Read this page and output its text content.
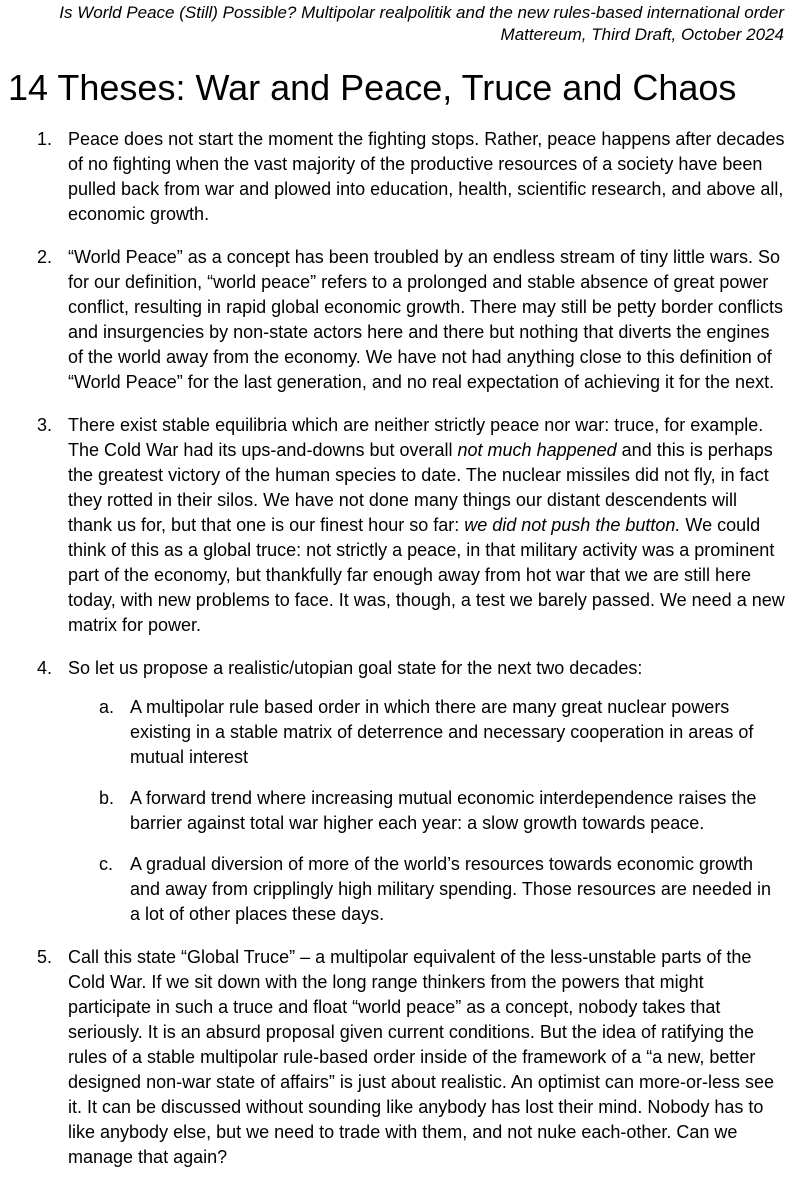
Is World Peace (Still) Possible? Multipolar realpolitik and the new rules-based international order
Mattereum, Third Draft, October 2024
14 Theses: War and Peace, Truce and Chaos
1. Peace does not start the moment the fighting stops. Rather, peace happens after decades of no fighting when the vast majority of the productive resources of a society have been pulled back from war and plowed into education, health, scientific research, and above all, economic growth.
2. “World Peace” as a concept has been troubled by an endless stream of tiny little wars. So for our definition, “world peace” refers to a prolonged and stable absence of great power conflict, resulting in rapid global economic growth. There may still be petty border conflicts and insurgencies by non-state actors here and there but nothing that diverts the engines of the world away from the economy. We have not had anything close to this definition of “World Peace” for the last generation, and no real expectation of achieving it for the next.
3. There exist stable equilibria which are neither strictly peace nor war: truce, for example. The Cold War had its ups-and-downs but overall not much happened and this is perhaps the greatest victory of the human species to date. The nuclear missiles did not fly, in fact they rotted in their silos. We have not done many things our distant descendents will thank us for, but that one is our finest hour so far: we did not push the button. We could think of this as a global truce: not strictly a peace, in that military activity was a prominent part of the economy, but thankfully far enough away from hot war that we are still here today, with new problems to face. It was, though, a test we barely passed. We need a new matrix for power.
4. So let us propose a realistic/utopian goal state for the next two decades:
a. A multipolar rule based order in which there are many great nuclear powers existing in a stable matrix of deterrence and necessary cooperation in areas of mutual interest
b. A forward trend where increasing mutual economic interdependence raises the barrier against total war higher each year: a slow growth towards peace.
c. A gradual diversion of more of the world’s resources towards economic growth and away from cripplingly high military spending. Those resources are needed in a lot of other places these days.
5. Call this state “Global Truce” – a multipolar equivalent of the less-unstable parts of the Cold War. If we sit down with the long range thinkers from the powers that might participate in such a truce and float “world peace” as a concept, nobody takes that seriously. It is an absurd proposal given current conditions. But the idea of ratifying the rules of a stable multipolar rule-based order inside of the framework of a “a new, better designed non-war state of affairs” is just about realistic. An optimist can more-or-less see it. It can be discussed without sounding like anybody has lost their mind. Nobody has to like anybody else, but we need to trade with them, and not nuke each-other. Can we manage that again?
